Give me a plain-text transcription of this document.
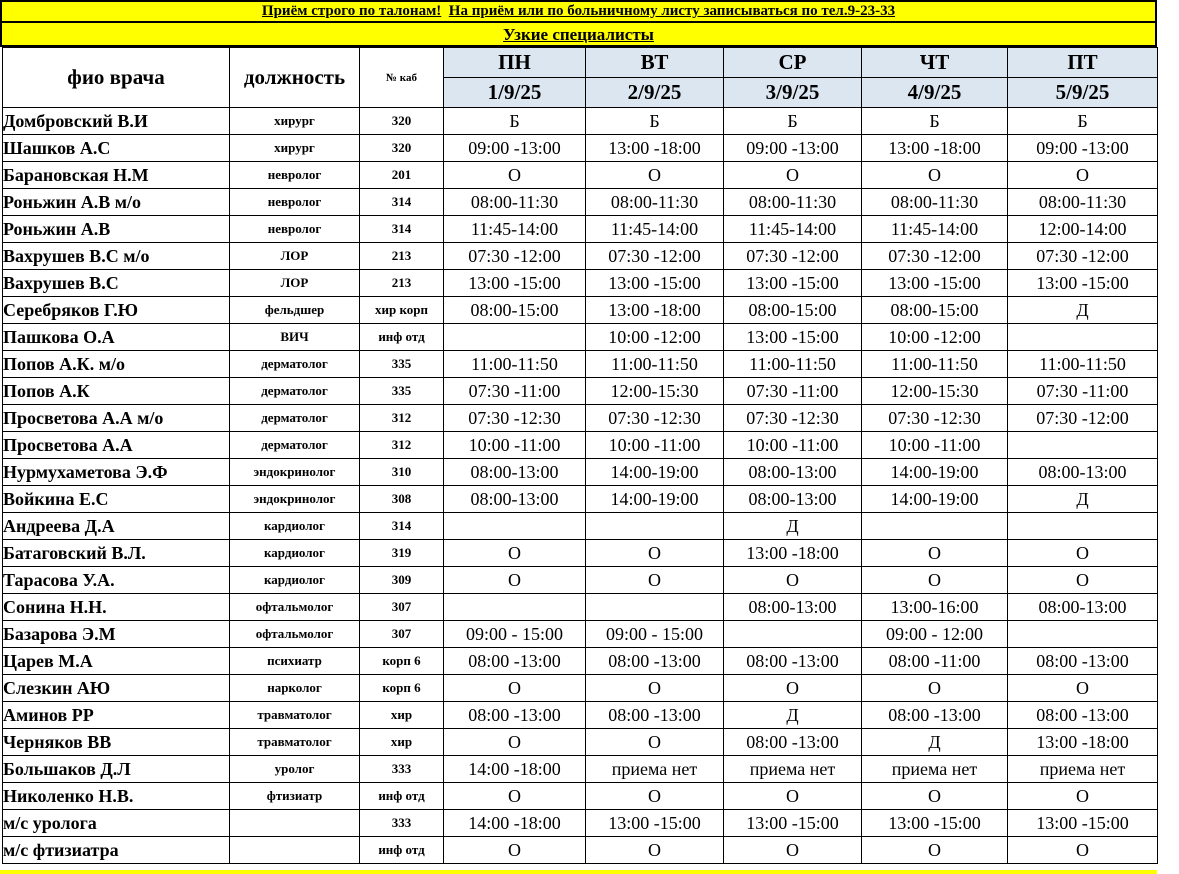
Приём строго по талонам! На приём или по больничному листу записываться по тел.9-23-33
Узкие специалисты
фио врача	должность	№ каб	ПН	ВТ	СР	ЧТ	ПТ
			1/9/25	2/9/25	3/9/25	4/9/25	5/9/25
Домбровский В.И	хирург	320	Б	Б	Б	Б	Б
Шашков А.С	хирург	320	09:00 -13:00	13:00 -18:00	09:00 -13:00	13:00 -18:00	09:00 -13:00
Барановская Н.М	невролог	201	О	О	О	О	О
Роньжин А.В м/о	невролог	314	08:00-11:30	08:00-11:30	08:00-11:30	08:00-11:30	08:00-11:30
Роньжин А.В	невролог	314	11:45-14:00	11:45-14:00	11:45-14:00	11:45-14:00	12:00-14:00
Вахрушев В.С м/о	ЛОР	213	07:30 -12:00	07:30 -12:00	07:30 -12:00	07:30 -12:00	07:30 -12:00
Вахрушев В.С	ЛОР	213	13:00 -15:00	13:00 -15:00	13:00 -15:00	13:00 -15:00	13:00 -15:00
Серебряков Г.Ю	фельдшер	хир корп	08:00-15:00	13:00 -18:00	08:00-15:00	08:00-15:00	Д
Пашкова О.А	ВИЧ	инф отд		10:00 -12:00	13:00 -15:00	10:00 -12:00	
Попов А.К. м/о	дерматолог	335	11:00-11:50	11:00-11:50	11:00-11:50	11:00-11:50	11:00-11:50
Попов А.К	дерматолог	335	07:30 -11:00	12:00-15:30	07:30 -11:00	12:00-15:30	07:30 -11:00
Просветова А.А м/о	дерматолог	312	07:30 -12:30	07:30 -12:30	07:30 -12:30	07:30 -12:30	07:30 -12:00
Просветова А.А	дерматолог	312	10:00 -11:00	10:00 -11:00	10:00 -11:00	10:00 -11:00	
Нурмухаметова Э.Ф	эндокринолог	310	08:00-13:00	14:00-19:00	08:00-13:00	14:00-19:00	08:00-13:00
Войкина Е.С	эндокринолог	308	08:00-13:00	14:00-19:00	08:00-13:00	14:00-19:00	Д
Андреева Д.А	кардиолог	314			Д		
Батаговский В.Л.	кардиолог	319	О	О	13:00 -18:00	О	О
Тарасова У.А.	кардиолог	309	О	О	О	О	О
Сонина Н.Н.	офтальмолог	307			08:00-13:00	13:00-16:00	08:00-13:00
Базарова Э.М	офтальмолог	307	09:00 - 15:00	09:00 - 15:00		09:00 - 12:00	
Царев М.А	психиатр	корп 6	08:00 -13:00	08:00 -13:00	08:00 -13:00	08:00 -11:00	08:00 -13:00
Слезкин АЮ	нарколог	корп 6	О	О	О	О	О
Аминов РР	травматолог	хир	08:00 -13:00	08:00 -13:00	Д	08:00 -13:00	08:00 -13:00
Черняков ВВ	травматолог	хир	О	О	08:00 -13:00	Д	13:00 -18:00
Большаков Д.Л	уролог	333	14:00 -18:00	приема нет	приема нет	приема нет	приема нет
Николенко Н.В.	фтизиатр	инф отд	О	О	О	О	О
м/с уролога		333	14:00 -18:00	13:00 -15:00	13:00 -15:00	13:00 -15:00	13:00 -15:00
м/с фтизиатра		инф отд	О	О	О	О	О
